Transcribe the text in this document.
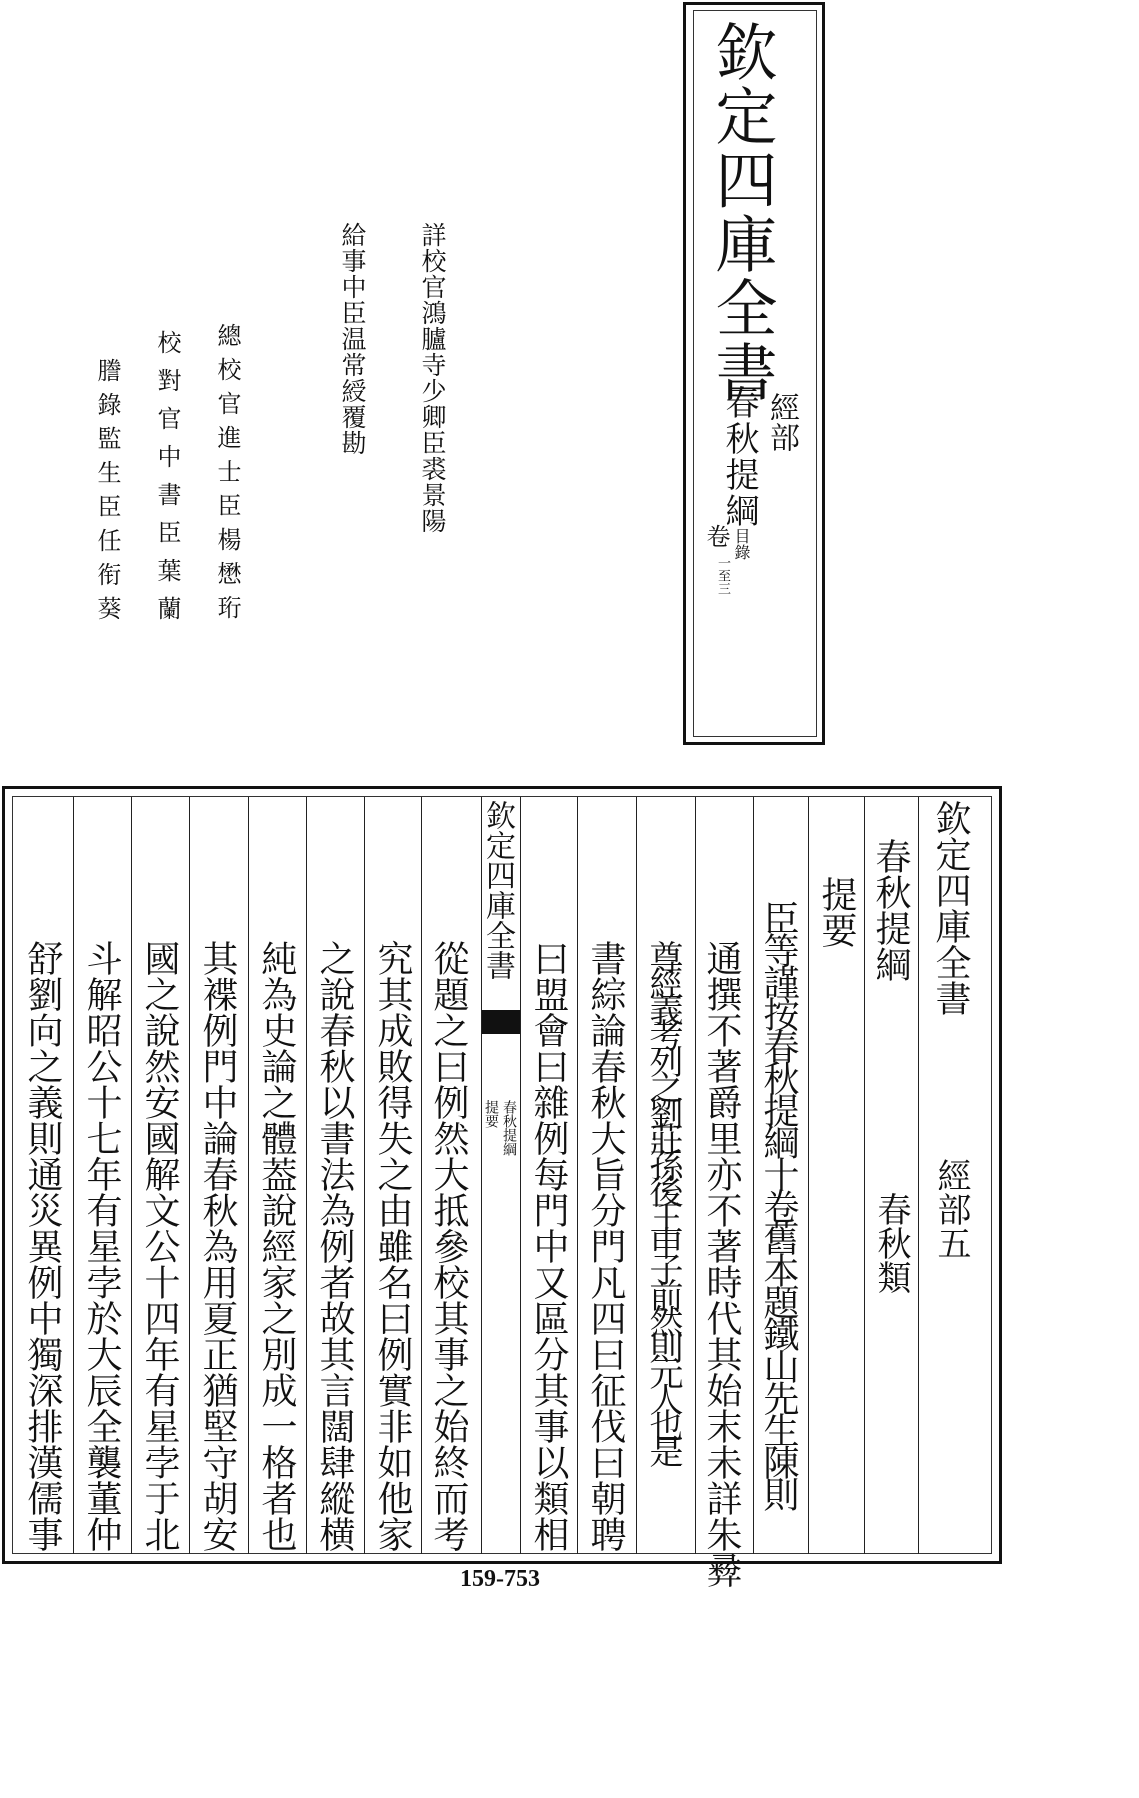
欽定四庫全書
經部
春秋提綱
卷 目錄
一至三
詳校官鴻臚寺少卿臣裘景陽
給事中臣温常綬覆勘
總校官進士臣楊懋珩
校對官中書臣葉蘭
謄錄監生臣任衔葵
欽定四庫全書
經部五
春秋提綱
春秋類
提要
臣等謹按春秋提綱十卷舊本題鐵山先生陳則
通撰不著爵里亦不著時代其始末未詳朱彛
尊經義考列之劉莊孫後王申子前然則元人也是
書綜論春秋大旨分門凡四曰征伐曰朝聘
曰盟會曰雜例每門中又區分其事以類相
欽定四庫全書
春秋提綱
提要
從題之曰例然大抵參校其事之始終而考
究其成敗得失之由雖名曰例實非如他家
之說春秋以書法為例者故其言闊肆縱横
純為史論之體葢說經家之別成一格者也
其褋例門中論春秋為用夏正猶堅守胡安
國之說然安國解文公十四年有星孛于北
斗解昭公十七年有星孛於大辰全襲董仲
舒劉向之義則通災異例中獨深排漢儒事
159-753
